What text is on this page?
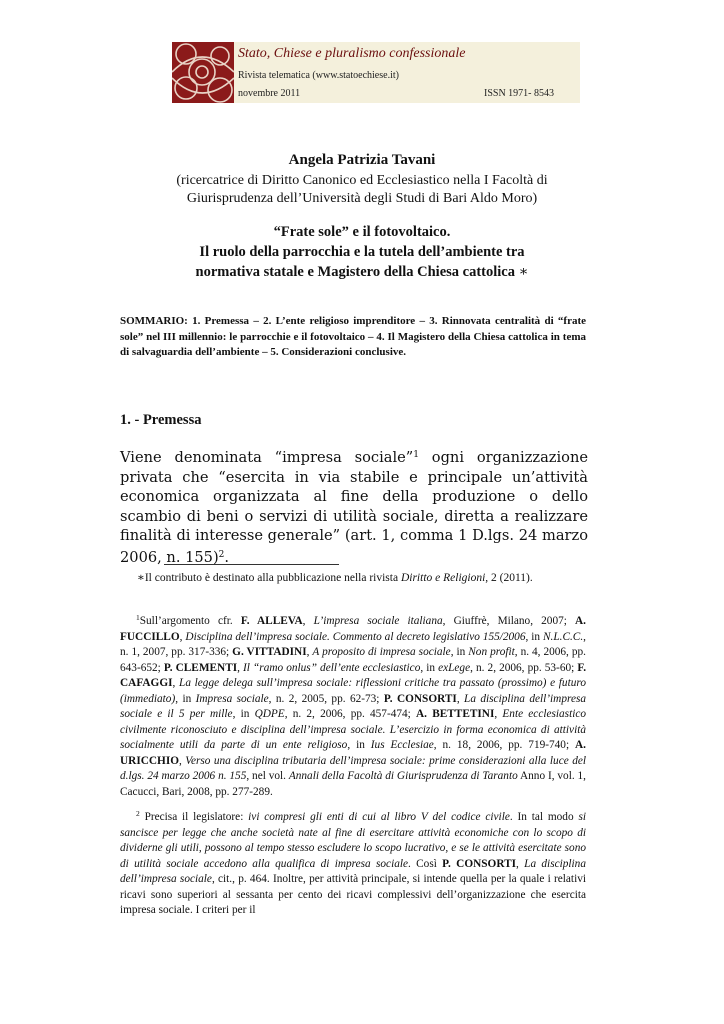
Stato, Chiese e pluralismo confessionale
Rivista telematica (www.statoechiese.it)
novembre 2011	ISSN 1971- 8543
Angela Patrizia Tavani
(ricercatrice di Diritto Canonico ed Ecclesiastico nella I Facoltà di
Giurisprudenza dell’Università degli Studi di Bari Aldo Moro)
“Frate sole” e il fotovoltaico.
Il ruolo della parrocchia e la tutela dell’ambiente tra
normativa statale e Magistero della Chiesa cattolica ∗
SOMMARIO: 1. Premessa – 2. L’ente religioso imprenditore – 3. Rinnovata centralità di “frate sole” nel III millennio: le parrocchie e il fotovoltaico – 4. Il Magistero della Chiesa cattolica in tema di salvaguardia dell’ambiente – 5. Considerazioni conclusive.
1. - Premessa
Viene denominata “impresa sociale”$^1$ ogni organizzazione privata che “esercita in via stabile e principale un’attività economica organizzata al fine della produzione o dello scambio di beni o servizi di utilità sociale, diretta a realizzare finalità di interesse generale” (art. 1, comma 1 D.lgs. 24 marzo 2006, n. 155)$^2$.
∗Il contributo è destinato alla pubblicazione nella rivista Diritto e Religioni, 2 (2011).

$^1$Sull’argomento cfr. F. ALLEVA, L’impresa sociale italiana, Giuffrè, Milano, 2007; A. FUCCILLO, Disciplina dell’impresa sociale. Commento al decreto legislativo 155/2006, in N.L.C.C., n. 1, 2007, pp. 317-336; G. VITTADINI, A proposito di impresa sociale, in Non profit, n. 4, 2006, pp. 643-652; P. CLEMENTI, Il “ramo onlus” dell’ente ecclesiastico, in exLege, n. 2, 2006, pp. 53-60; F. CAFAGGI, La legge delega sull’impresa sociale: riflessioni critiche tra passato (prossimo) e futuro (immediato), in Impresa sociale, n. 2, 2005, pp. 62-73; P. CONSORTI, La disciplina dell’impresa sociale e il 5 per mille, in QDPE, n. 2, 2006, pp. 457-474; A. BETTETINI, Ente ecclesiastico civilmente riconosciuto e disciplina dell’impresa sociale. L’esercizio in forma economica di attività socialmente utili da parte di un ente religioso, in Ius Ecclesiae, n. 18, 2006, pp. 719-740; A. URICCHIO, Verso una disciplina tributaria dell’impresa sociale: prime considerazioni alla luce del d.lgs. 24 marzo 2006 n. 155, nel vol. Annali della Facoltà di Giurisprudenza di Taranto Anno I, vol. 1, Cacucci, Bari, 2008, pp. 277-289.

$^2$ Precisa il legislatore: ivi compresi gli enti di cui al libro V del codice civile. In tal modo si sancisce per legge che anche società nate al fine di esercitare attività economiche con lo scopo di dividerne gli utili, possono al tempo stesso escludere lo scopo lucrativo, e se le attività esercitate sono di utilità sociale accedono alla qualifica di impresa sociale. Così P. CONSORTI, La disciplina dell’impresa sociale, cit., p. 464. Inoltre, per attività principale, si intende quella per la quale i relativi ricavi sono superiori al sessanta per cento dei ricavi complessivi dell’organizzazione che esercita impresa sociale. I criteri per il
